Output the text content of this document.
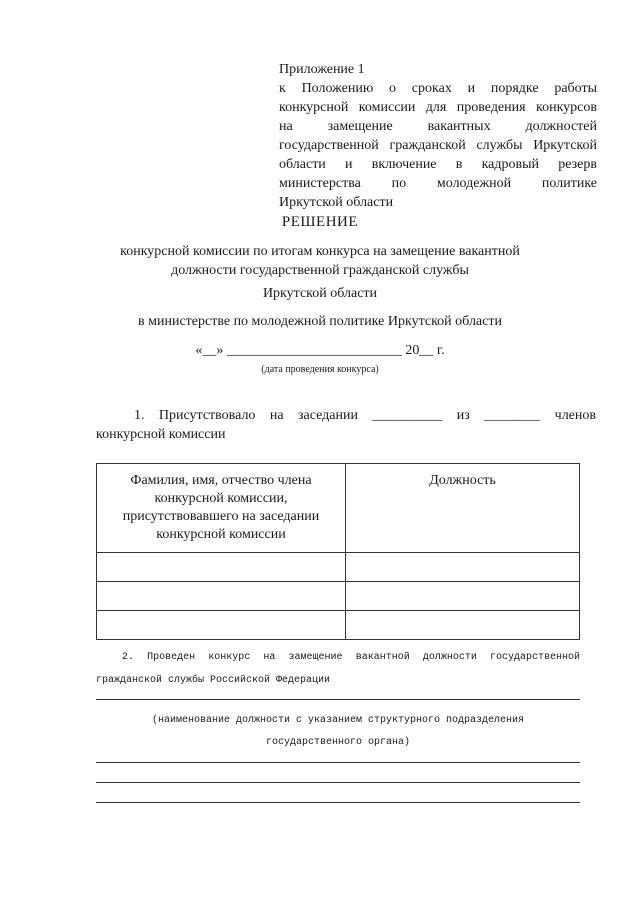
Приложение 1
к Положению о сроках и порядке работы
конкурсной комиссии для проведения конкурсов
на замещение вакантных должностей
государственной гражданской службы Иркутской
области и включение в кадровый резерв
министерства по молодежной политике
Иркутской области
РЕШЕНИЕ
конкурсной комиссии по итогам конкурса на замещение вакантной
должности государственной гражданской службы
Иркутской области
в министерстве по молодежной политике Иркутской области
«__» _________________________ 20__ г.
(дата проведения конкурса)
1. Присутствовало на заседании __________ из ________ членов
конкурсной комиссии
Фамилия, имя, отчество члена конкурсной комиссии, присутствовавшего на заседании конкурсной комиссии	Должность

2. Проведен конкурс на замещение вакантной должности государственной
гражданской службы Российской Федерации
(наименование должности с указанием структурного подразделения
государственного органа)
